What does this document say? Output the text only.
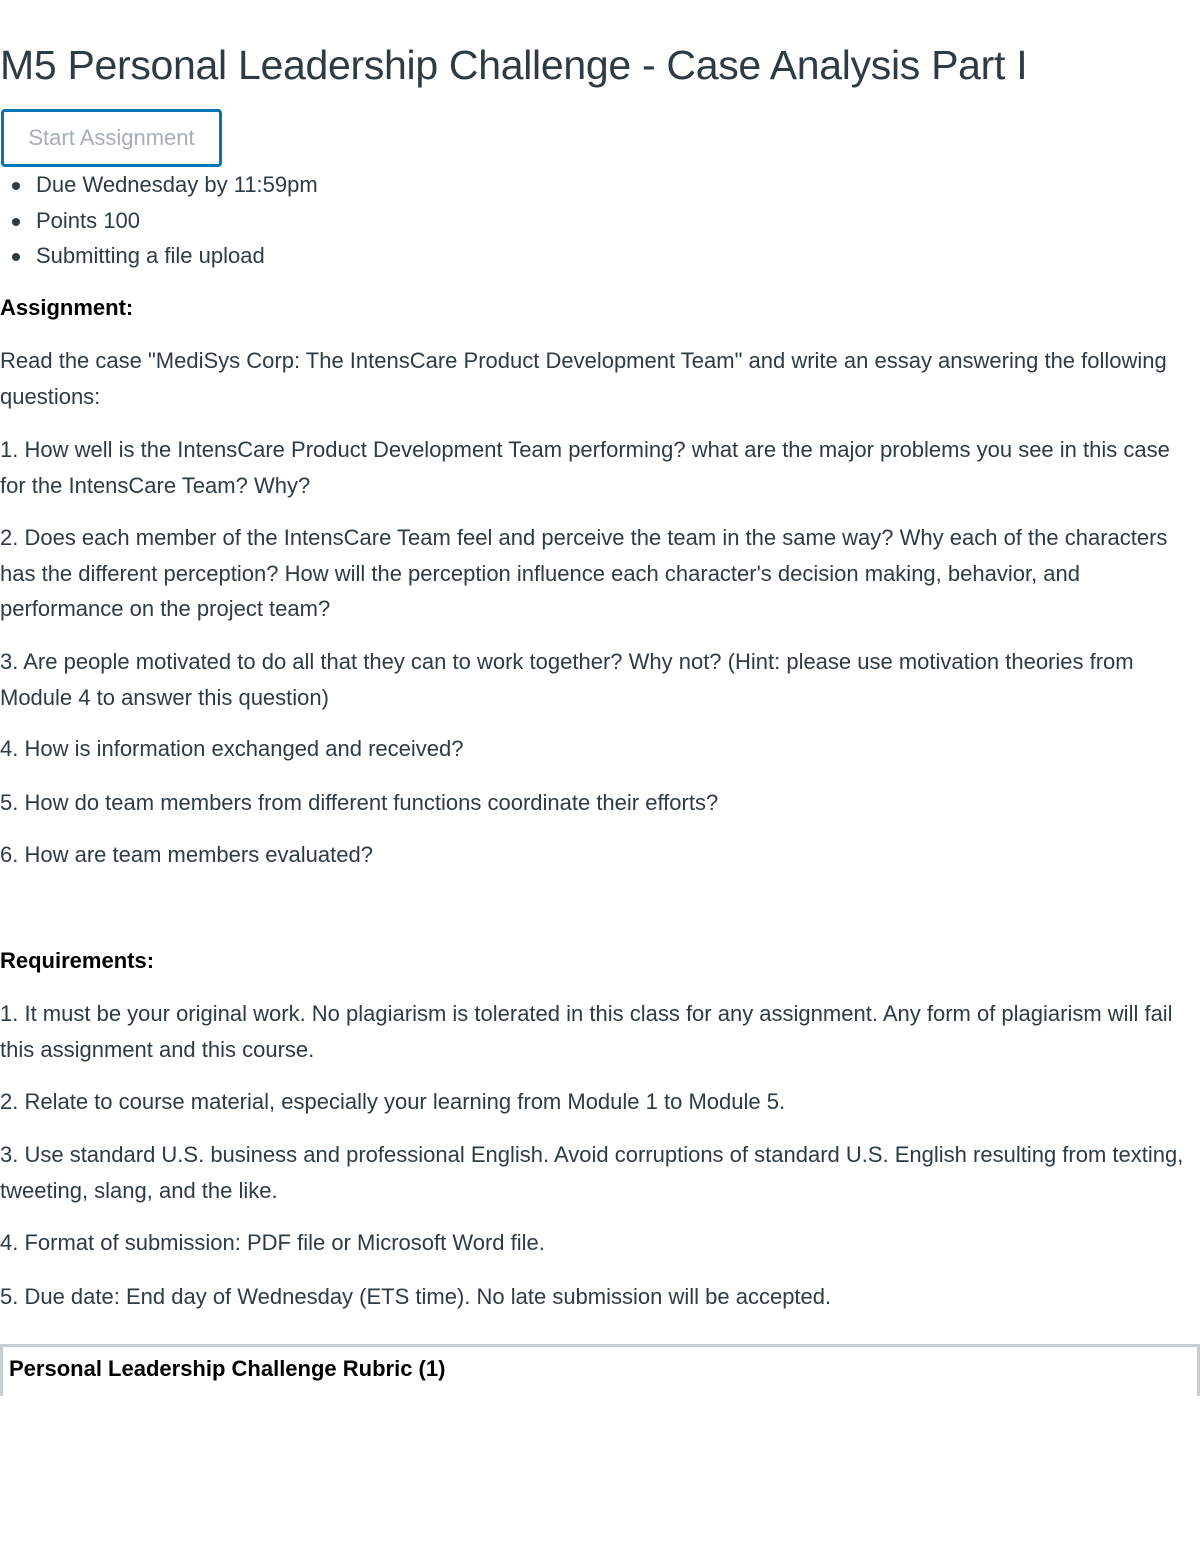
M5 Personal Leadership Challenge - Case Analysis Part I
Start Assignment
Due Wednesday by 11:59pm
Points 100
Submitting a file upload

Assignment:

Read the case "MediSys Corp: The IntensCare Product Development Team" and write an essay answering the following questions:

1. How well is the IntensCare Product Development Team performing? what are the major problems you see in this case for the IntensCare Team? Why?

2. Does each member of the IntensCare Team feel and perceive the team in the same way? Why each of the characters has the different perception? How will the perception influence each character's decision making, behavior, and performance on the project team?

3. Are people motivated to do all that they can to work together? Why not? (Hint: please use motivation theories from Module 4 to answer this question)

4. How is information exchanged and received?

5. How do team members from different functions coordinate their efforts?

6. How are team members evaluated?

Requirements:

1. It must be your original work. No plagiarism is tolerated in this class for any assignment. Any form of plagiarism will fail this assignment and this course.

2. Relate to course material, especially your learning from Module 1 to Module 5.

3. Use standard U.S. business and professional English. Avoid corruptions of standard U.S. English resulting from texting, tweeting, slang, and the like.

4. Format of submission: PDF file or Microsoft Word file.

5. Due date: End day of Wednesday (ETS time). No late submission will be accepted.

Personal Leadership Challenge Rubric (1)
